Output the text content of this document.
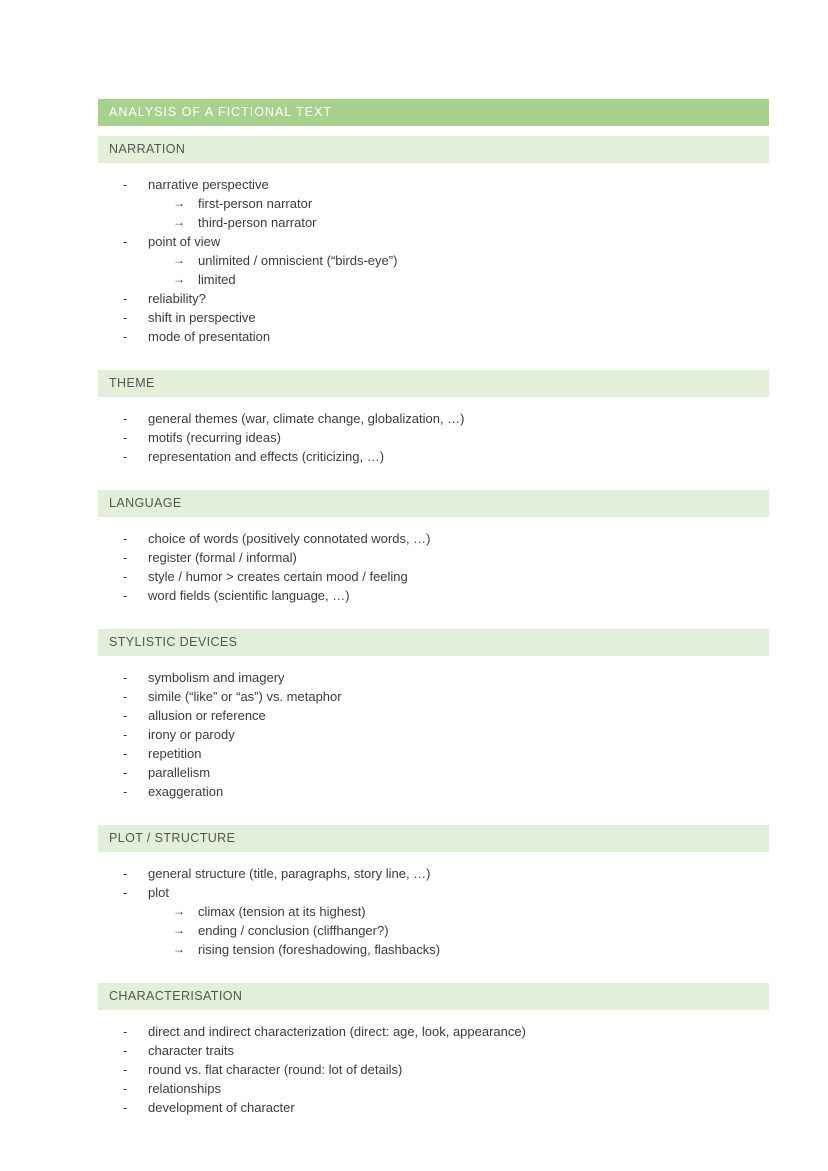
ANALYSIS OF A FICTIONAL TEXT
NARRATION
- narrative perspective
→ first-person narrator
→ third-person narrator
- point of view
→ unlimited / omniscient (“birds-eye”)
→ limited
- reliability?
- shift in perspective
- mode of presentation
THEME
- general themes (war, climate change, globalization, …)
- motifs (recurring ideas)
- representation and effects (criticizing, …)
LANGUAGE
- choice of words (positively connotated words, …)
- register (formal / informal)
- style / humor > creates certain mood / feeling
- word fields (scientific language, …)
STYLISTIC DEVICES
- symbolism and imagery
- simile (“like” or “as”) vs. metaphor
- allusion or reference
- irony or parody
- repetition
- parallelism
- exaggeration
PLOT / STRUCTURE
- general structure (title, paragraphs, story line, …)
- plot
→ climax (tension at its highest)
→ ending / conclusion (cliffhanger?)
→ rising tension (foreshadowing, flashbacks)
CHARACTERISATION
- direct and indirect characterization (direct: age, look, appearance)
- character traits
- round vs. flat character (round: lot of details)
- relationships
- development of character
